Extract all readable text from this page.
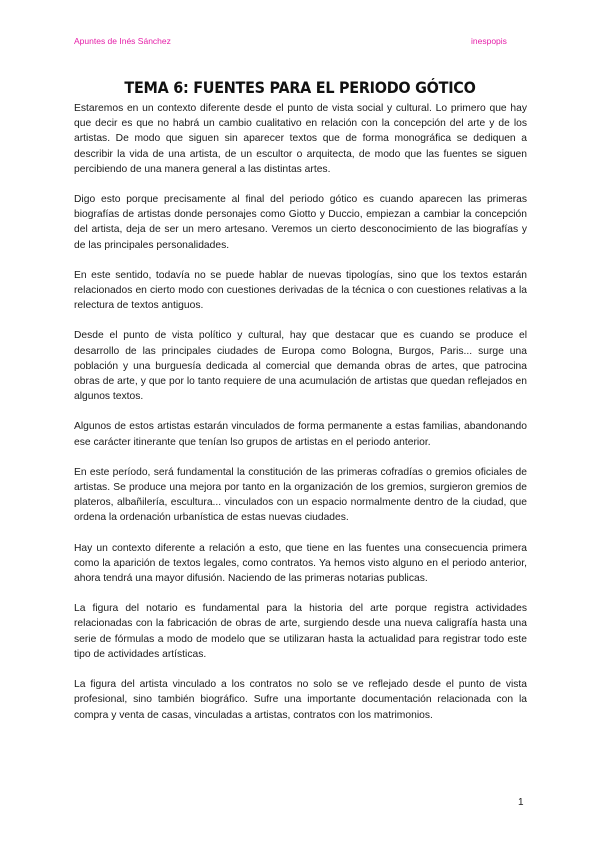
Apuntes de Inés Sánchez	inespopis
TEMA 6: FUENTES PARA EL PERIODO GÓTICO

Estaremos en un contexto diferente desde el punto de vista social y cultural. Lo primero que hay que decir es que no habrá un cambio cualitativo en relación con la concepción del arte y de los artistas. De modo que siguen sin aparecer textos que de forma monográfica se dediquen a describir la vida de una artista, de un escultor o arquitecta, de modo que las fuentes se siguen percibiendo de una manera general a las distintas artes.

Digo esto porque precisamente al final del periodo gótico es cuando aparecen las primeras biografías de artistas donde personajes como Giotto y Duccio, empiezan a cambiar la concepción del artista, deja de ser un mero artesano. Veremos un cierto desconocimiento de las biografías y de las principales personalidades.

En este sentido, todavía no se puede hablar de nuevas tipologías, sino que los textos estarán relacionados en cierto modo con cuestiones derivadas de la técnica o con cuestiones relativas a la relectura de textos antiguos.

Desde el punto de vista político y cultural, hay que destacar que es cuando se produce el desarrollo de las principales ciudades de Europa como Bologna, Burgos, Paris... surge una población y una burguesía dedicada al comercial que demanda obras de artes, que patrocina obras de arte, y que por lo tanto requiere de una acumulación de artistas que quedan reflejados en algunos textos.

Algunos de estos artistas estarán vinculados de forma permanente a estas familias, abandonando ese carácter itinerante que tenían lso grupos de artistas en el periodo anterior.

En este período, será fundamental la constitución de las primeras cofradías o gremios oficiales de artistas. Se produce una mejora por tanto en la organización de los gremios, surgieron gremios de plateros, albañilería, escultura... vinculados con un espacio normalmente dentro de la ciudad, que ordena la ordenación urbanística de estas nuevas ciudades.

Hay un contexto diferente a relación a esto, que tiene en las fuentes una consecuencia primera como la aparición de textos legales, como contratos. Ya hemos visto alguno en el periodo anterior, ahora tendrá una mayor difusión. Naciendo de las primeras notarias publicas.

La figura del notario es fundamental para la historia del arte porque registra actividades relacionadas con la fabricación de obras de arte, surgiendo desde una nueva caligrafía hasta una serie de fórmulas a modo de modelo que se utilizaran hasta la actualidad para registrar todo este tipo de actividades artísticas.

La figura del artista vinculado a los contratos no solo se ve reflejado desde el punto de vista profesional, sino también biográfico. Sufre una importante documentación relacionada con la compra y venta de casas, vinculadas a artistas, contratos con los matrimonios.

1
